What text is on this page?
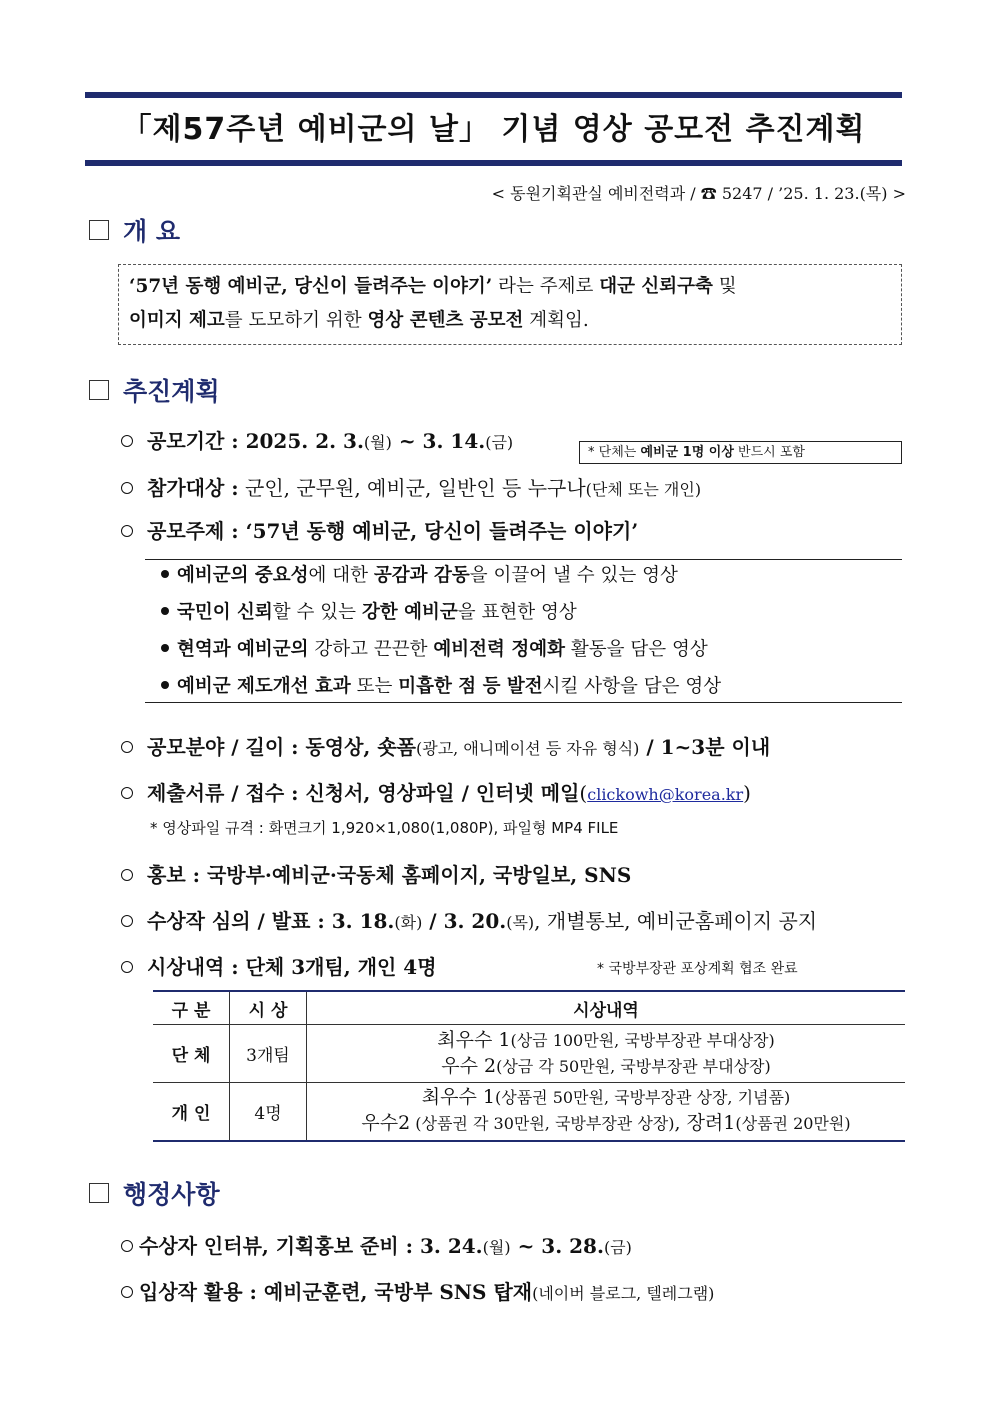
「제57주년 예비군의 날」 기념 영상 공모전 추진계획
< 동원기획관실 예비전력과 / ☎ 5247 / ’25. 1. 23.(목) >
개 요
‘57년 동행 예비군, 당신이 들려주는 이야기’ 라는 주제로 대군 신뢰구축 및
이미지 제고를 도모하기 위한 영상 콘텐츠 공모전 계획임.
추진계획
공모기간 : 2025. 2. 3.(월) ~ 3. 14.(금)
* 단체는 예비군 1명 이상 반드시 포함
참가대상 : 군인, 군무원, 예비군, 일반인 등 누구나(단체 또는 개인)
공모주제 : ‘57년 동행 예비군, 당신이 들려주는 이야기’
예비군의 중요성에 대한 공감과 감동을 이끌어 낼 수 있는 영상
국민이 신뢰할 수 있는 강한 예비군을 표현한 영상
현역과 예비군의 강하고 끈끈한 예비전력 정예화 활동을 담은 영상
예비군 제도개선 효과 또는 미흡한 점 등 발전시킬 사항을 담은 영상
공모분야 / 길이 : 동영상, 숏폼(광고, 애니메이션 등 자유 형식) / 1~3분 이내
제출서류 / 접수 : 신청서, 영상파일 / 인터넷 메일(clickowh@korea.kr)
* 영상파일 규격 : 화면크기 1,920×1,080(1,080P), 파일형 MP4 FILE
홍보 : 국방부·예비군·국동체 홈페이지, 국방일보, SNS
수상작 심의 / 발표 : 3. 18.(화) / 3. 20.(목), 개별통보, 예비군홈페이지 공지
시상내역 : 단체 3개팀, 개인 4명	* 국방부장관 포상계획 협조 완료
구 분	시 상	시상내역
단 체	3개팀	최우수 1(상금 100만원, 국방부장관 부대상장)
우수 2(상금 각 50만원, 국방부장관 부대상장)

개 인	4명	최우수 1(상품권 50만원, 국방부장관 상장, 기념품)
우수2 (상품권 각 30만원, 국방부장관 상장), 장려1(상품권 20만원)
행정사항
수상자 인터뷰, 기획홍보 준비 : 3. 24.(월) ~ 3. 28.(금)
입상작 활용 : 예비군훈련, 국방부 SNS 탑재(네이버 블로그, 텔레그램)
